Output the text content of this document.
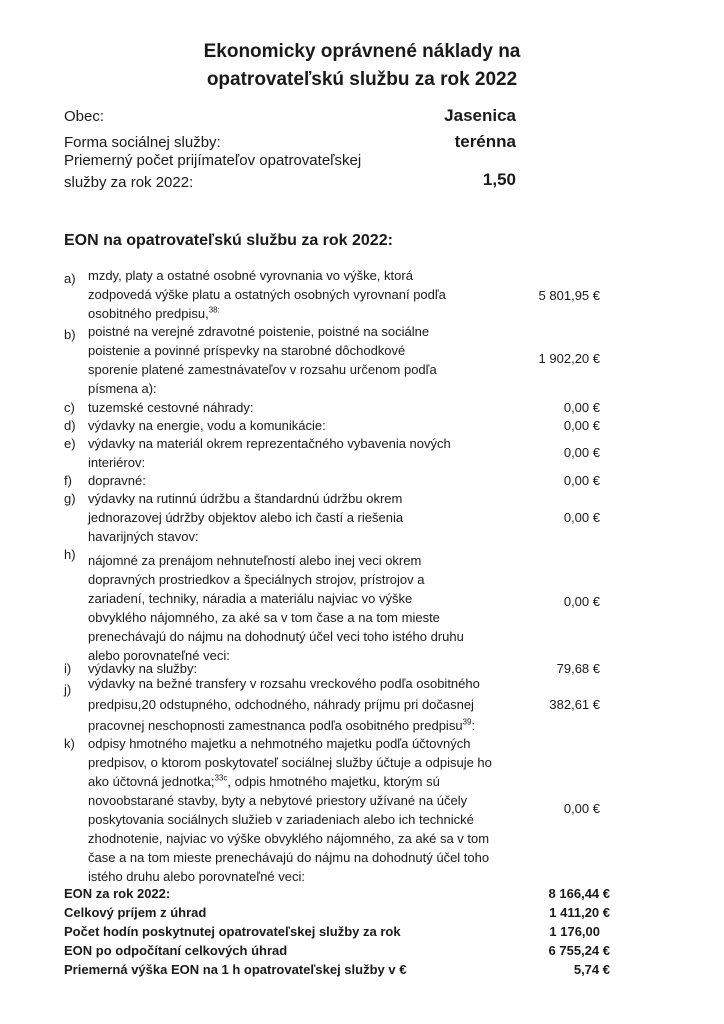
Ekonomicky oprávnené náklady na
opatrovateľskú službu za rok 2022
Obec:	Jasenica
Forma sociálnej služby:	terénna
Priemerný počet prijímateľov opatrovateľskej
služby za rok 2022:	1,50
EON na opatrovateľskú službu za rok 2022:
a) mzdy, platy a ostatné osobné vyrovnania vo výške, ktorá
zodpovedá výške platu a ostatných osobných vyrovnaní podľa
osobitného predpisu,$^{38:}$
5 801,95 €
b) poistné na verejné zdravotné poistenie, poistné na sociálne
poistenie a povinné príspevky na starobné dôchodkové
sporenie platené zamestnávateľov v rozsahu určenom podľa
písmena a):
1 902,20 €
c)	tuzemské cestovné náhrady:	0,00 €
d) výdavky na energie, vodu a komunikácie:	0,00 €
e) výdavky na materiál okrem reprezentačného vybavenia nových
interiérov:
0,00 €
f)	dopravné:	0,00 €
g) výdavky na rutinnú údržbu a štandardnú údržbu okrem
jednorazovej údržby objektov alebo ich častí a riešenia
havarijných stavov:
0,00 €
h) nájomné za prenájom nehnuteľností alebo inej veci okrem
dopravných prostriedkov a špeciálnych strojov, prístrojov a
zariadení, techniky, náradia a materiálu najviac vo výške
obvyklého nájomného, za aké sa v tom čase a na tom mieste
prenechávajú do nájmu na dohodnutý účel veci toho istého druhu
alebo porovnateľné veci:
0,00 €
i)	výdavky na služby:	79,68 €
j)	výdavky na bežné transfery v rozsahu vreckového podľa osobitného
predpisu,20 odstupného, odchodného, náhrady príjmu pri dočasnej
pracovnej neschopnosti zamestnanca podľa osobitného predpisu$^{39}$:
382,61 €
k)	odpisy hmotného majetku a nehmotného majetku podľa účtovných
predpisov, o ktorom poskytovateľ sociálnej služby účtuje a odpisuje ho
ako účtovná jednotka;$^{33c}$, odpis hmotného majetku, ktorým sú
novoobstarané stavby, byty a nebytové priestory užívané na účely
poskytovania sociálnych služieb v zariadeniach alebo ich technické
zhodnotenie, najviac vo výške obvyklého nájomného, za aké sa v tom
čase a na tom mieste prenechávajú do nájmu na dohodnutý účel toho
istého druhu alebo porovnateľné veci:
0,00 €
EON za rok 2022:	8 166,44 €
Celkový príjem z úhrad	1 411,20 €
Počet hodín poskytnutej opatrovateľskej služby za rok	1 176,00
EON po odpočítaní celkových úhrad	6 755,24 €
Priemerná výška EON na 1 h opatrovateľskej služby v €	5,74 €
